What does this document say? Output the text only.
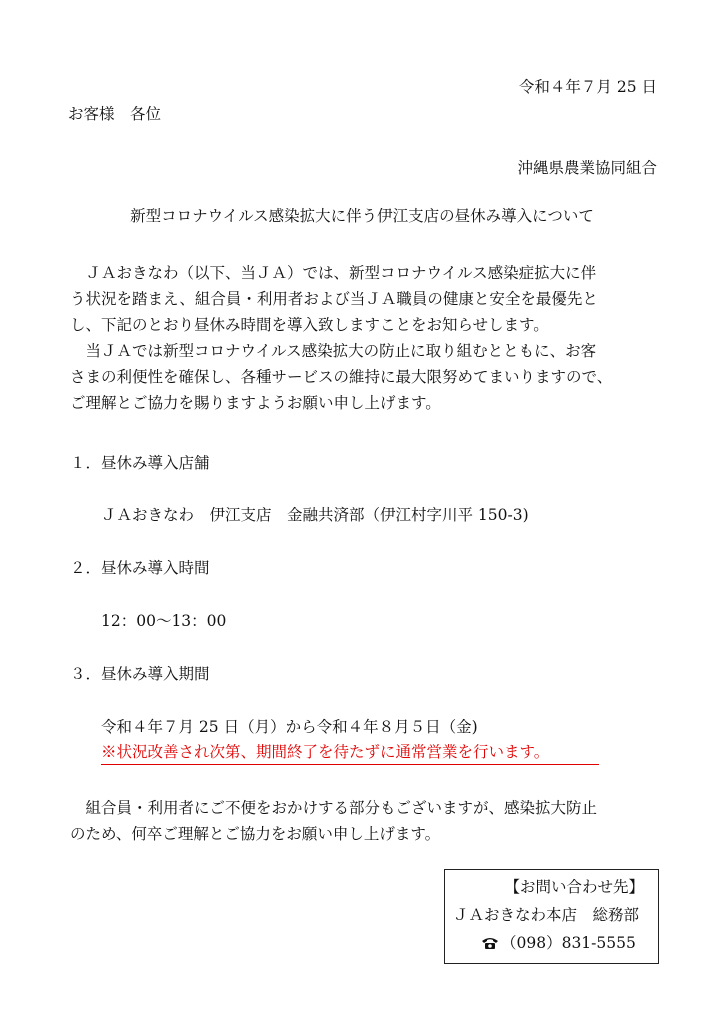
令和４年７月 25 日
お客様　各位
沖縄県農業協同組合
新型コロナウイルス感染拡大に伴う伊江支店の昼休み導入について
　ＪＡおきなわ（以下、当ＪＡ）では、新型コロナウイルス感染症拡大に伴
う状況を踏まえ、組合員・利用者および当ＪＡ職員の健康と安全を最優先と
し、下記のとおり昼休み時間を導入致しますことをお知らせします。
　当ＪＡでは新型コロナウイルス感染拡大の防止に取り組むとともに、お客
さまの利便性を確保し、各種サービスの維持に最大限努めてまいりますので、
ご理解とご協力を賜りますようお願い申し上げます。
１．昼休み導入店舗
ＪＡおきなわ　伊江支店　金融共済部（伊江村字川平 150-3)
２．昼休み導入時間
12：00～13：00
３．昼休み導入期間
令和４年７月 25 日（月）から令和４年８月５日（金)
※状況改善され次第、期間終了を待たずに通常営業を行います。
　組合員・利用者にご不便をおかけする部分もございますが、感染拡大防止
のため、何卒ご理解とご協力をお願い申し上げます。
【お問い合わせ先】
ＪＡおきなわ本店　総務部
（098）831-5555
